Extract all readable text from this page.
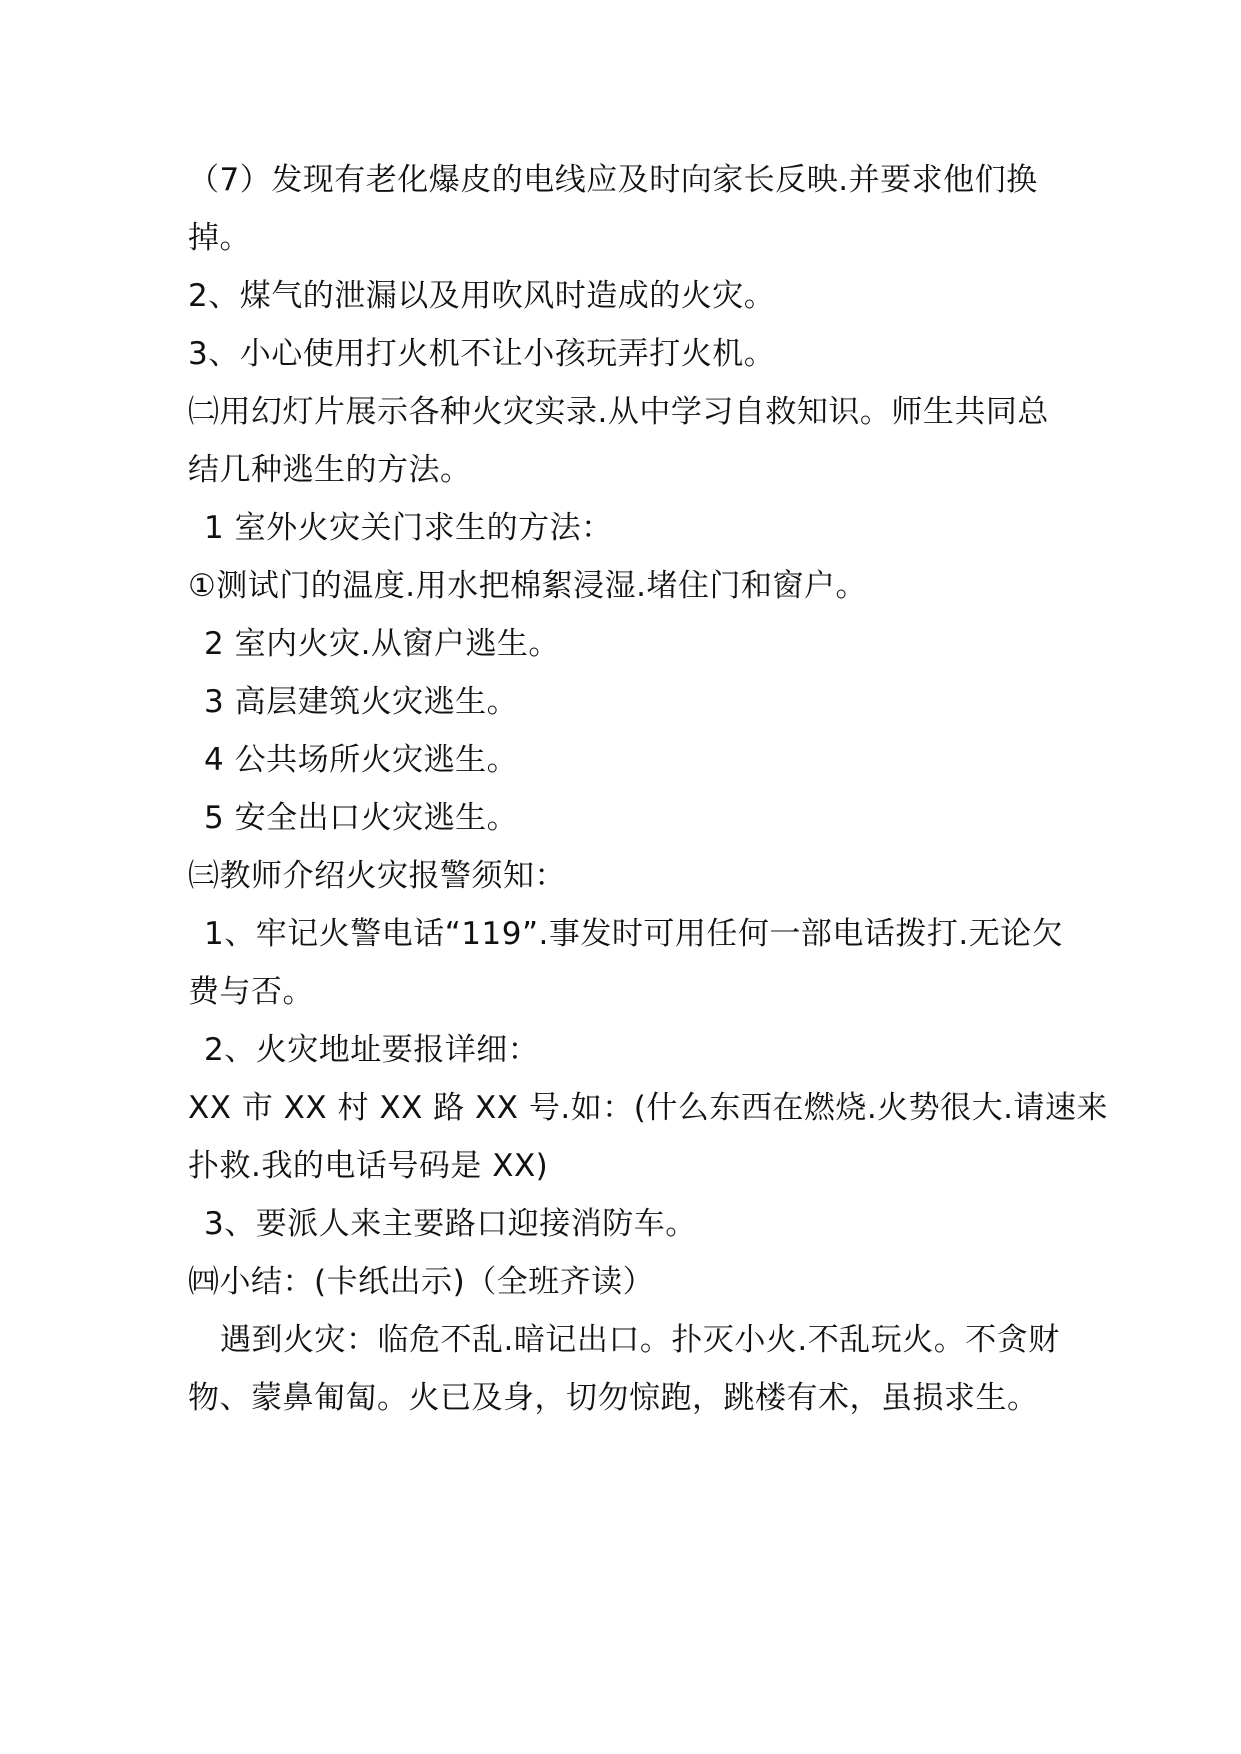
（7）发现有老化爆皮的电线应及时向家长反映.并要求他们换
掉。
2、煤气的泄漏以及用吹风时造成的火灾。
3、小心使用打火机不让小孩玩弄打火机。
㈡用幻灯片展示各种火灾实录.从中学习自救知识。师生共同总
结几种逃生的方法。
1 室外火灾关门求生的方法：
①测试门的温度.用水把棉絮浸湿.堵住门和窗户。
2 室内火灾.从窗户逃生。
3 高层建筑火灾逃生。
4 公共场所火灾逃生。
5 安全出口火灾逃生。
㈢教师介绍火灾报警须知：
1、牢记火警电话“119”.事发时可用任何一部电话拨打.无论欠
费与否。
2、火灾地址要报详细：
XX 市 XX 村 XX 路 XX 号.如：(什么东西在燃烧.火势很大.请速来
扑救.我的电话号码是 XX)
3、要派人来主要路口迎接消防车。
㈣小结：(卡纸出示)（全班齐读）
遇到火灾：临危不乱.暗记出口。扑灭小火.不乱玩火。不贪财
物、蒙鼻匍匐。火已及身，切勿惊跑，跳楼有术，虽损求生。
